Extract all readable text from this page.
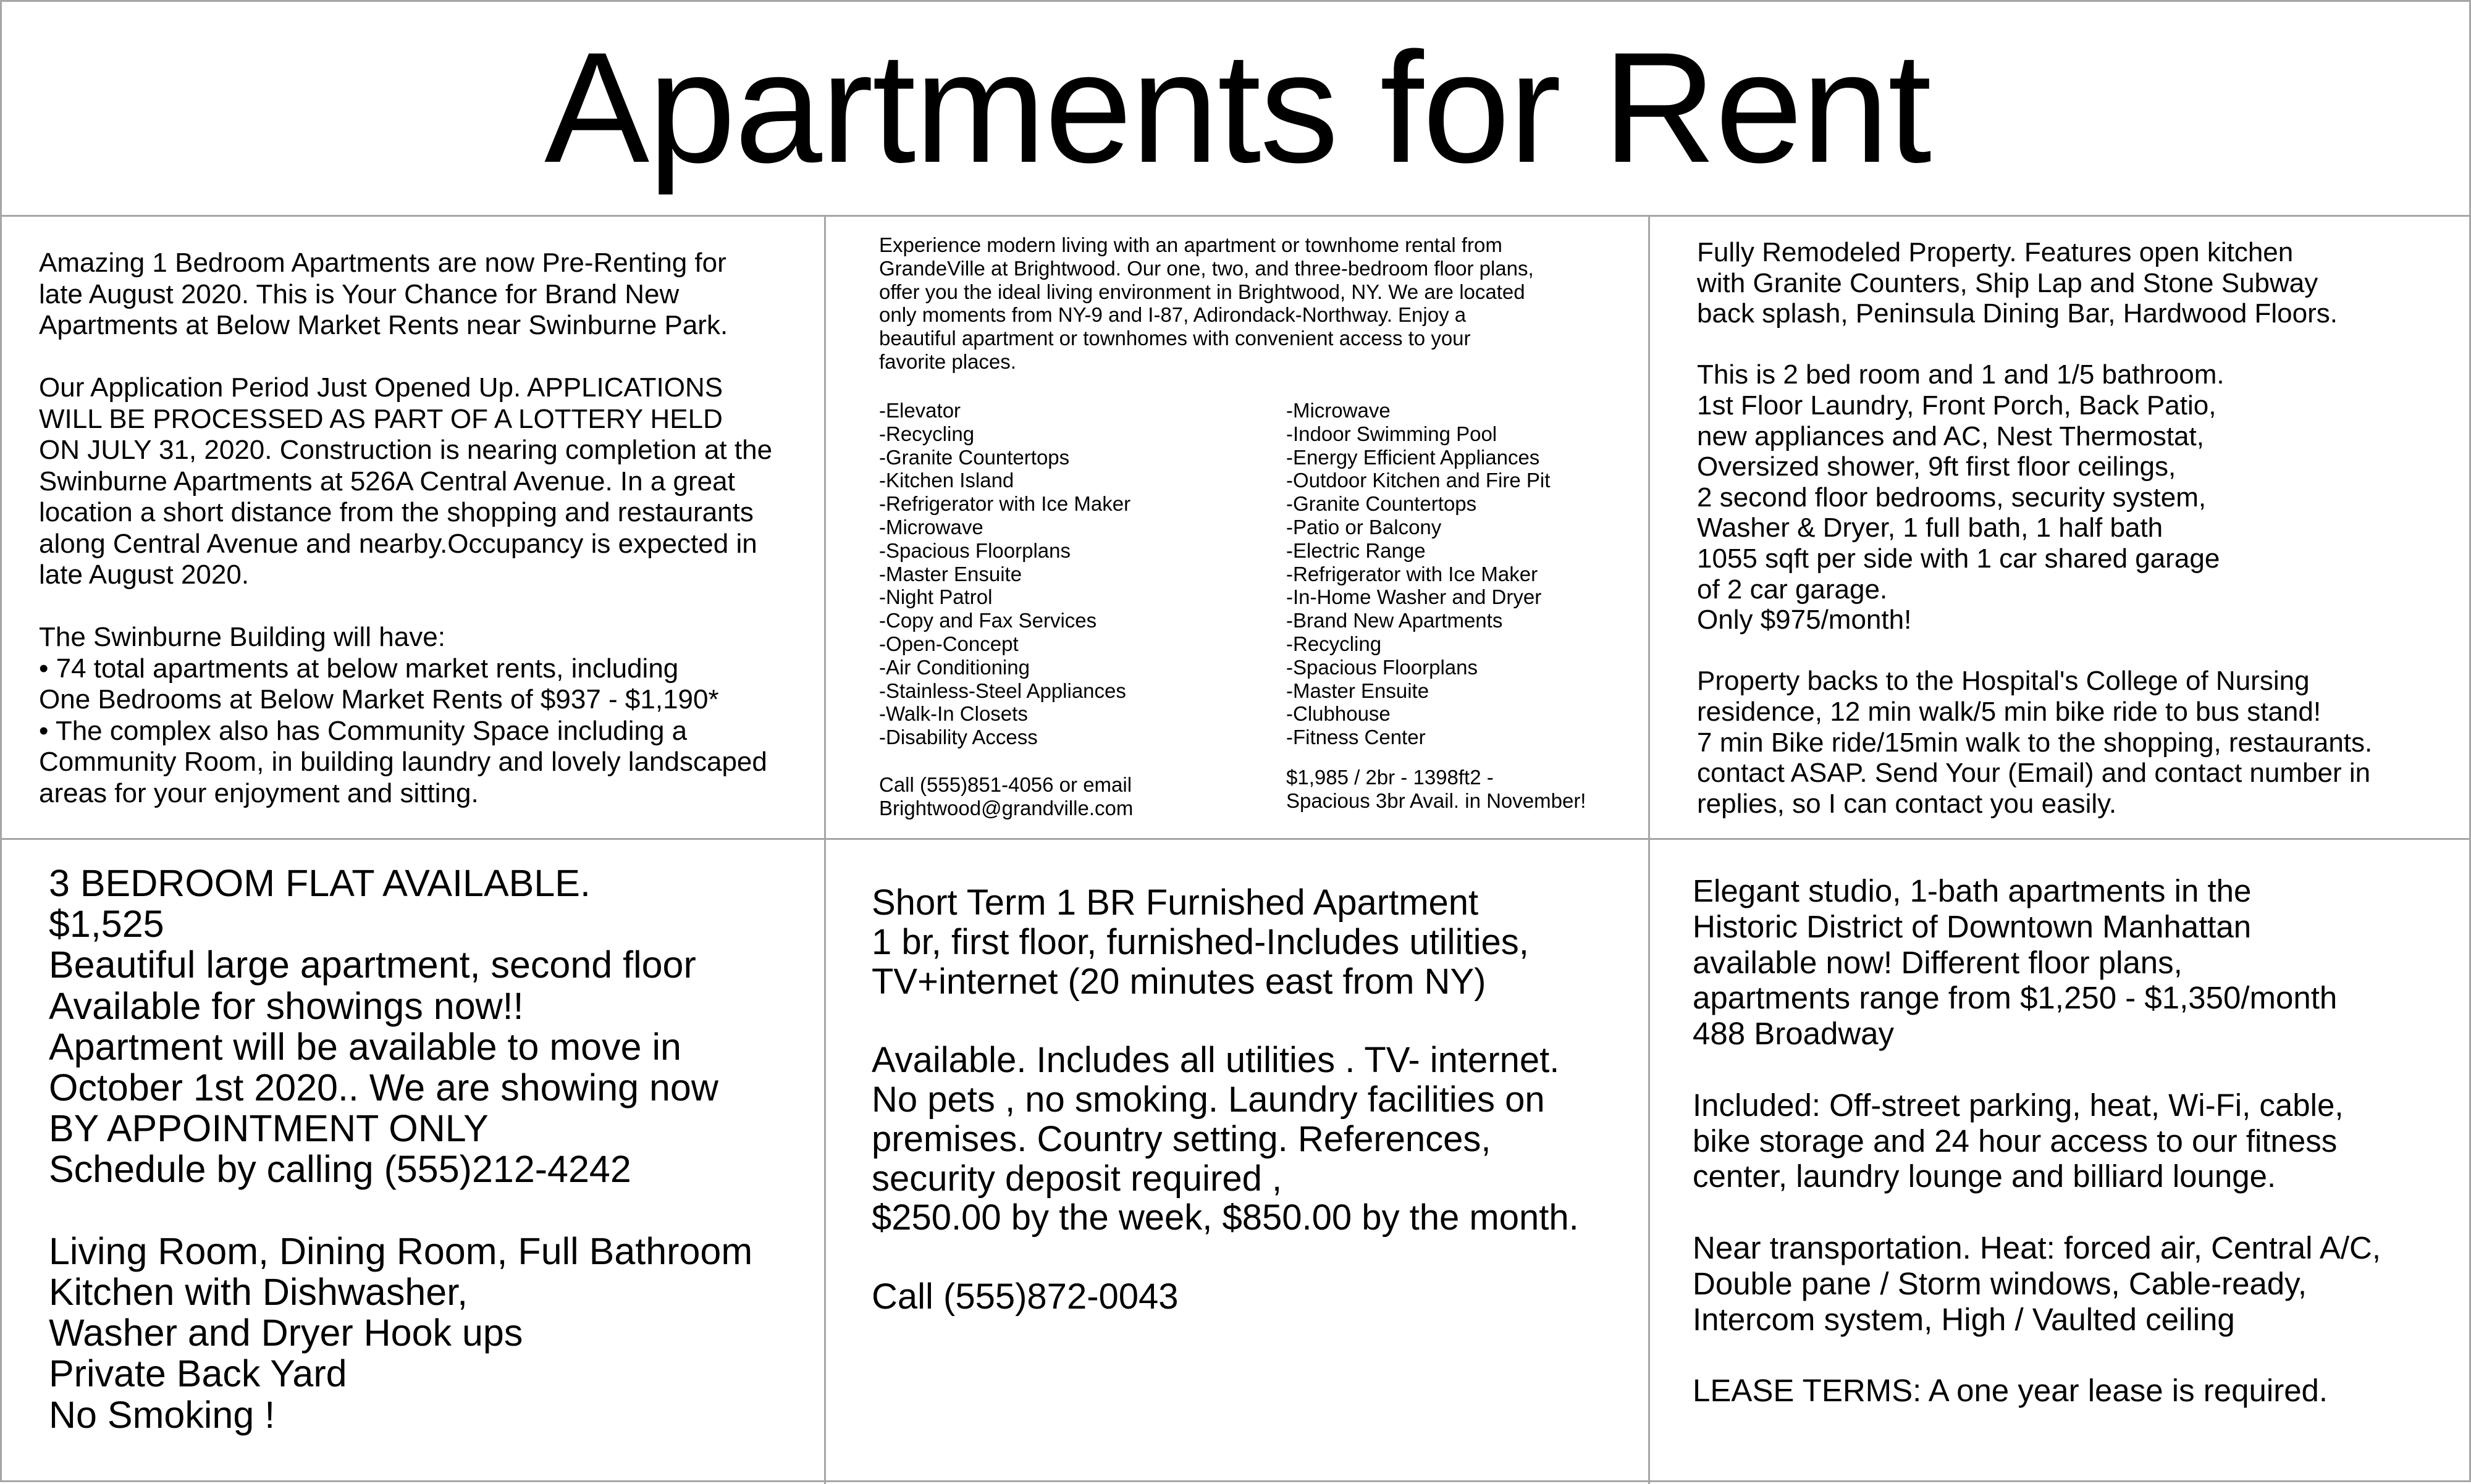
Apartments for Rent
Amazing 1 Bedroom Apartments are now Pre-Renting for
late August 2020. This is Your Chance for Brand New
Apartments at Below Market Rents near Swinburne Park.

Our Application Period Just Opened Up. APPLICATIONS
WILL BE PROCESSED AS PART OF A LOTTERY HELD
ON JULY 31, 2020. Construction is nearing completion at the
Swinburne Apartments at 526A Central Avenue. In a great
location a short distance from the shopping and restaurants
along Central Avenue and nearby.Occupancy is expected in
late August 2020.

The Swinburne Building will have:
• 74 total apartments at below market rents, including
One Bedrooms at Below Market Rents of $937 - $1,190*
• The complex also has Community Space including a
Community Room, in building laundry and lovely landscaped
areas for your enjoyment and sitting.
Experience modern living with an apartment or townhome rental from
GrandeVille at Brightwood. Our one, two, and three-bedroom floor plans,
offer you the ideal living environment in Brightwood, NY. We are located
only moments from NY-9 and I-87, Adirondack-Northway. Enjoy a
beautiful apartment or townhomes with convenient access to your
favorite places.
-Elevator
-Recycling
-Granite Countertops
-Kitchen Island
-Refrigerator with Ice Maker
-Microwave
-Spacious Floorplans
-Master Ensuite
-Night Patrol
-Copy and Fax Services
-Open-Concept
-Air Conditioning
-Stainless-Steel Appliances
-Walk-In Closets
-Disability Access
-Microwave
-Indoor Swimming Pool
-Energy Efficient Appliances
-Outdoor Kitchen and Fire Pit
-Granite Countertops
-Patio or Balcony
-Electric Range
-Refrigerator with Ice Maker
-In-Home Washer and Dryer
-Brand New Apartments
-Recycling
-Spacious Floorplans
-Master Ensuite
-Clubhouse
-Fitness Center
Call (555)851-4056 or email
Brightwood@grandville.com
$1,985 / 2br - 1398ft2 -
Spacious 3br Avail. in November!
Fully Remodeled Property. Features open kitchen
with Granite Counters, Ship Lap and Stone Subway
back splash, Peninsula Dining Bar, Hardwood Floors.

This is 2 bed room and 1 and 1/5 bathroom.
1st Floor Laundry, Front Porch, Back Patio,
new appliances and AC, Nest Thermostat,
Oversized shower, 9ft first floor ceilings,
2 second floor bedrooms, security system,
Washer & Dryer, 1 full bath, 1 half bath
1055 sqft per side with 1 car shared garage
of 2 car garage.
Only $975/month!

Property backs to the Hospital's College of Nursing
residence, 12 min walk/5 min bike ride to bus stand!
7 min Bike ride/15min walk to the shopping, restaurants.
contact ASAP. Send Your (Email) and contact number in
replies, so I can contact you easily.
3 BEDROOM FLAT AVAILABLE.
$1,525
Beautiful large apartment, second floor
Available for showings now!!
Apartment will be available to move in
October 1st 2020.. We are showing now
BY APPOINTMENT ONLY
Schedule by calling (555)212-4242

Living Room, Dining Room, Full Bathroom
Kitchen with Dishwasher,
Washer and Dryer Hook ups
Private Back Yard
No Smoking !
Short Term 1 BR Furnished Apartment
1 br, first floor, furnished-Includes utilities,
TV+internet (20 minutes east from NY)

Available. Includes all utilities . TV- internet.
No pets , no smoking. Laundry facilities on
premises. Country setting. References,
security deposit required ,
$250.00 by the week, $850.00 by the month.

Call (555)872-0043
Elegant studio, 1-bath apartments in the
Historic District of Downtown Manhattan
available now! Different floor plans,
apartments range from $1,250 - $1,350/month
488 Broadway

Included: Off-street parking, heat, Wi-Fi, cable,
bike storage and 24 hour access to our fitness
center, laundry lounge and billiard lounge.

Near transportation. Heat: forced air, Central A/C,
Double pane / Storm windows, Cable-ready,
Intercom system, High / Vaulted ceiling

LEASE TERMS: A one year lease is required.
